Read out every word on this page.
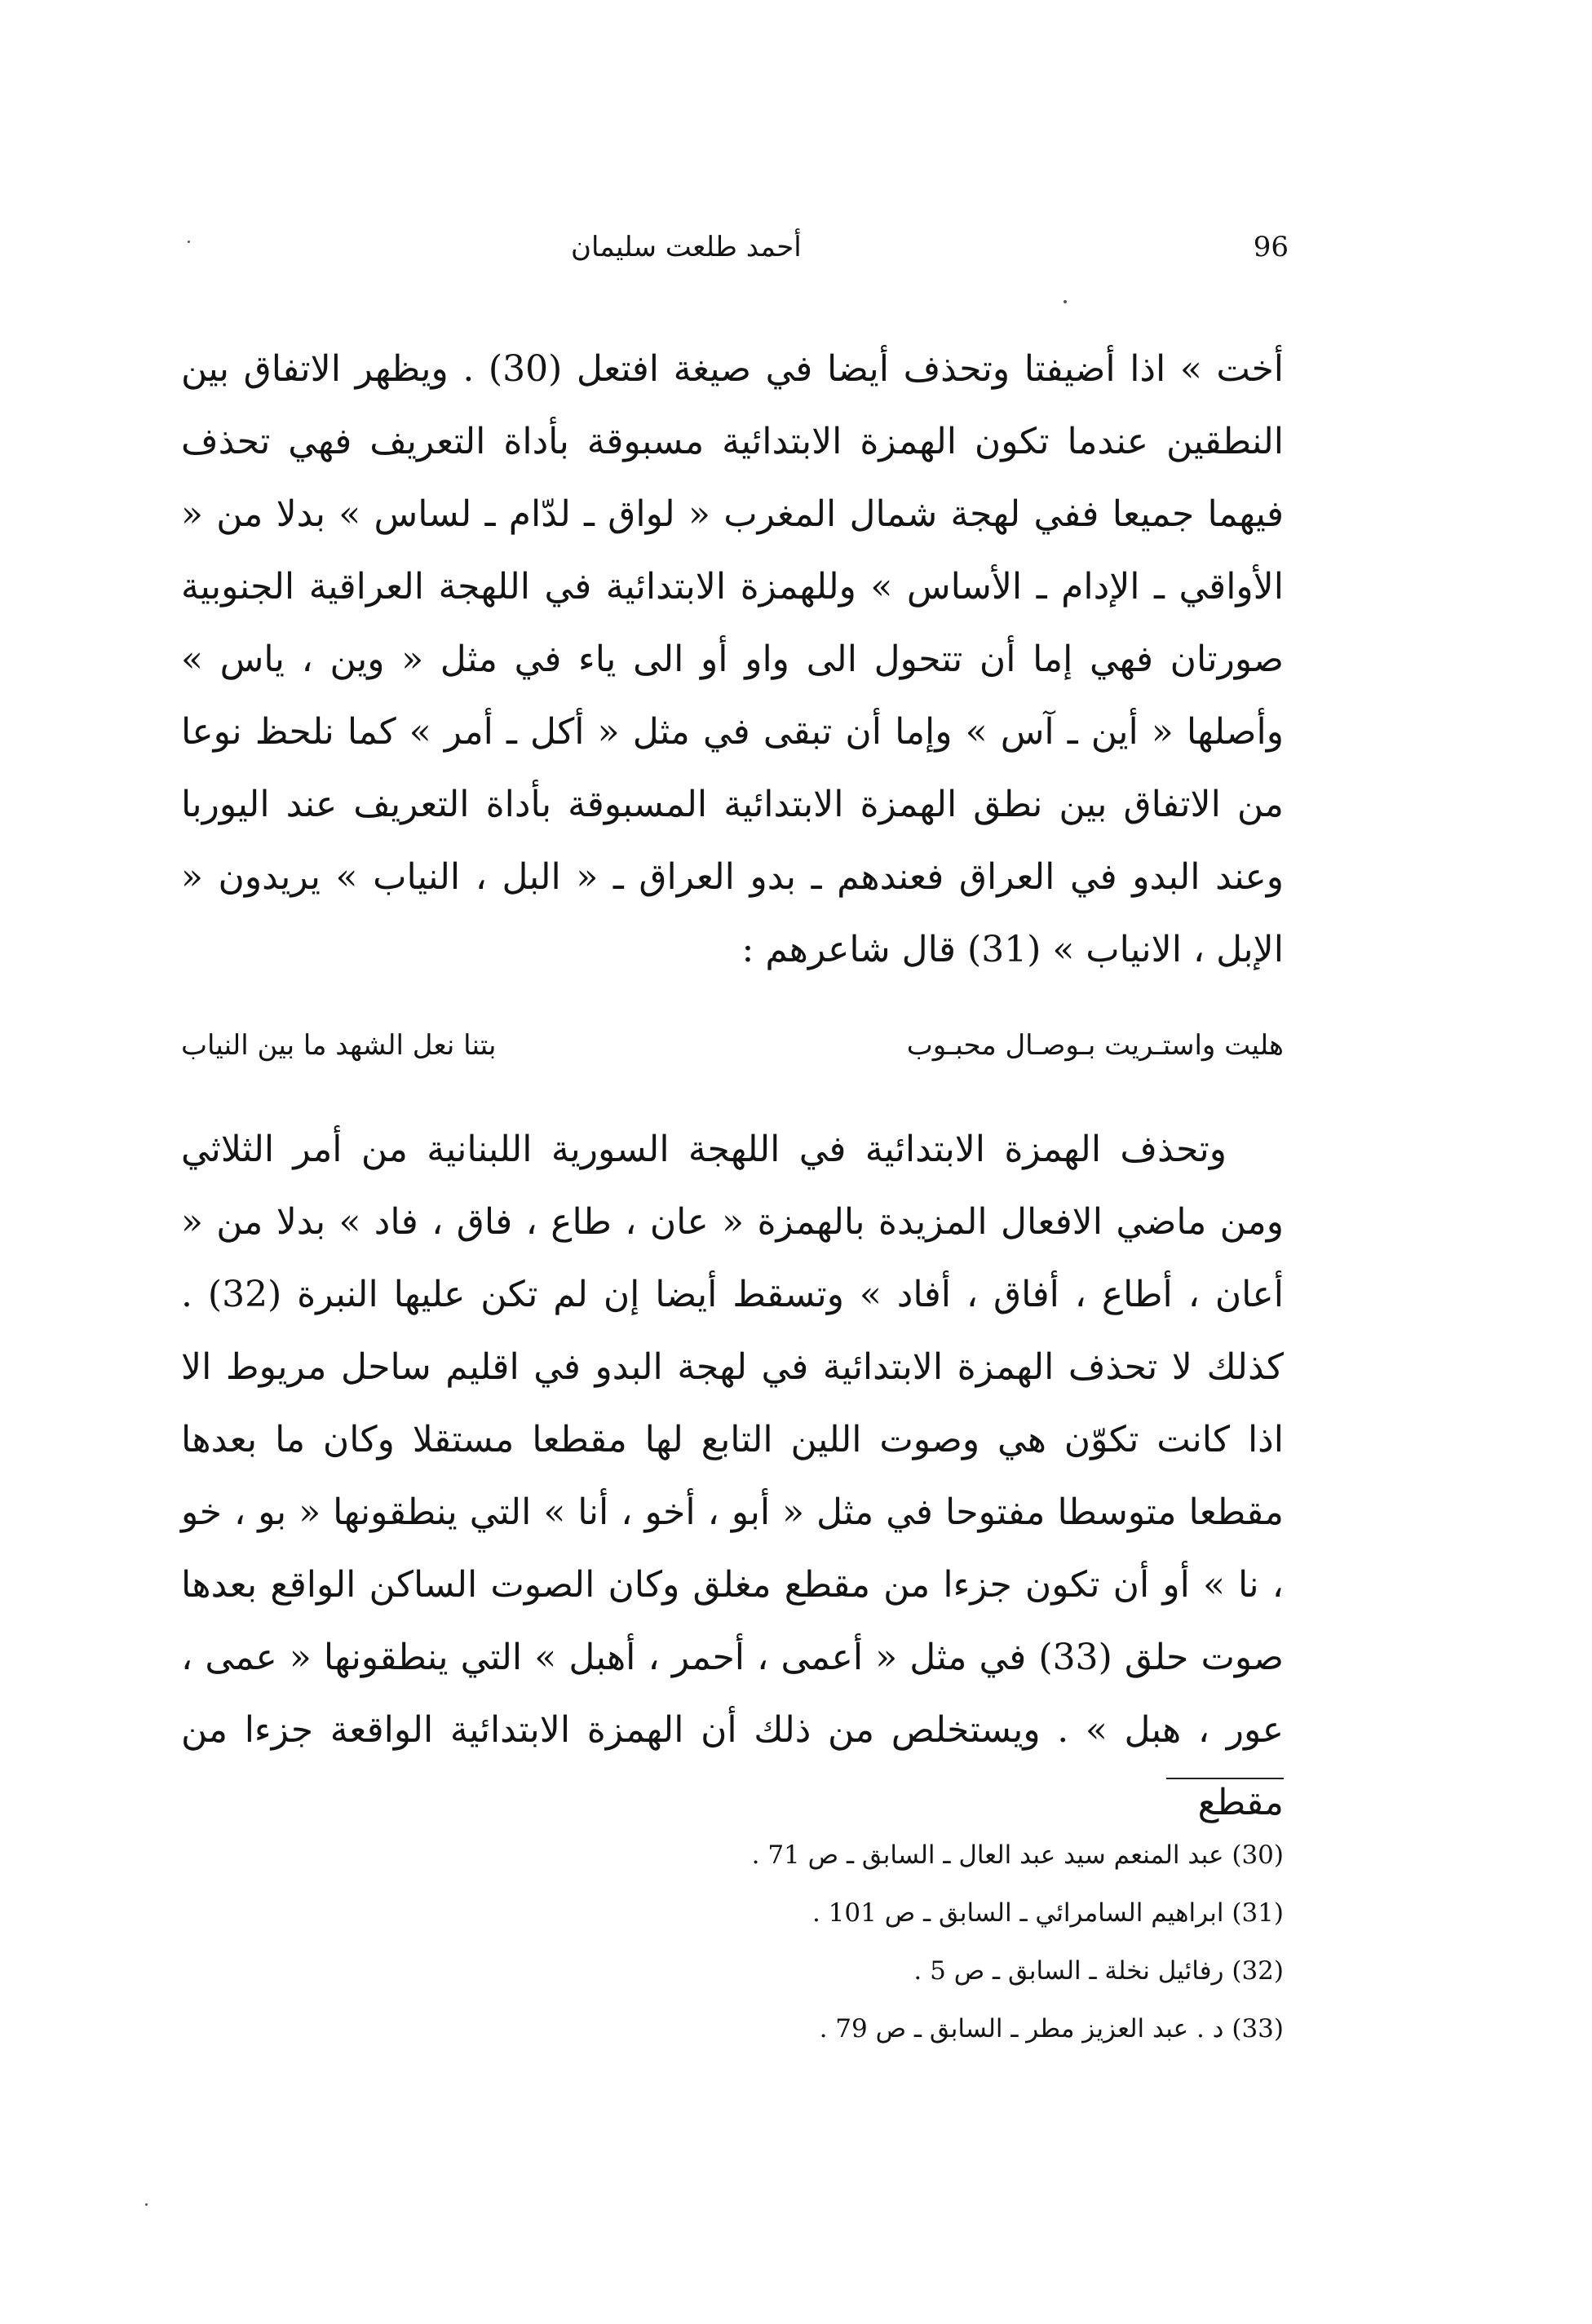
أحمد طلعت سليمان	96

أخت » اذا أضيفتا وتحذف أيضا في صيغة افتعل (30) . ويظهر الاتفاق بين النطقين عندما تكون الهمزة الابتدائية مسبوقة بأداة التعريف فهي تحذف فيهما جميعا ففي لهجة شمال المغرب « لواق ـ لدّام ـ لساس » بدلا من « الأواقي ـ الإدام ـ الأساس » وللهمزة الابتدائية في اللهجة العراقية الجنوبية صورتان فهي إما أن تتحول الى واو أو الى ياء في مثل « وين ، ياس » وأصلها « أين ـ آس » وإما أن تبقى في مثل « أكل ـ أمر » كما نلحظ نوعا من الاتفاق بين نطق الهمزة الابتدائية المسبوقة بأداة التعريف عند اليوربا وعند البدو في العراق فعندهم ـ بدو العراق ـ « البل ، النياب » يريدون « الإبل ، الانياب » (31) قال شاعرهم :

هليت واستـريت بـوصـال محبـوب
بتنا نعل الشهد ما بين النياب

وتحذف الهمزة الابتدائية في اللهجة السورية اللبنانية من أمر الثلاثي ومن ماضي الافعال المزيدة بالهمزة « عان ، طاع ، فاق ، فاد » بدلا من « أعان ، أطاع ، أفاق ، أفاد » وتسقط أيضا إن لم تكن عليها النبرة (32) . كذلك لا تحذف الهمزة الابتدائية في لهجة البدو في اقليم ساحل مريوط الا اذا كانت تكوّن هي وصوت اللين التابع لها مقطعا مستقلا وكان ما بعدها مقطعا متوسطا مفتوحا في مثل « أبو ، أخو ، أنا » التي ينطقونها « بو ، خو ، نا » أو أن تكون جزءا من مقطع مغلق وكان الصوت الساكن الواقع بعدها صوت حلق (33) في مثل « أعمى ، أحمر ، أهبل » التي ينطقونها « عمى ، عور ، هبل » . ويستخلص من ذلك أن الهمزة الابتدائية الواقعة جزءا من مقطع

(30) عبد المنعم سيد عبد العال ـ السابق ـ ص 71 .
(31) ابراهيم السامرائي ـ السابق ـ ص 101 .
(32) رفائيل نخلة ـ السابق ـ ص 5 .
(33) د . عبد العزيز مطر ـ السابق ـ ص 79 .
